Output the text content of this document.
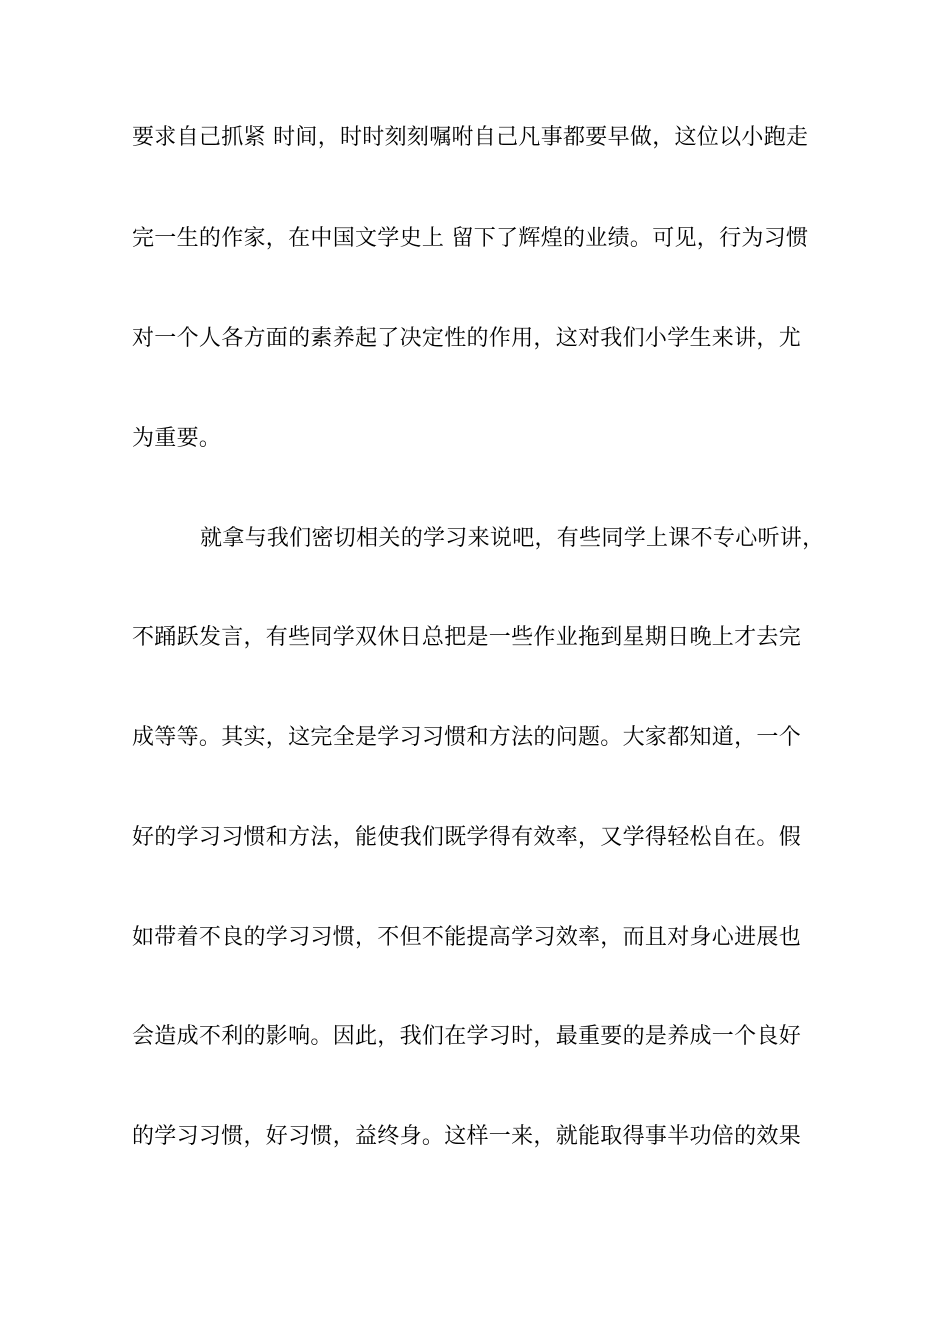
要求自己抓紧 时间，时时刻刻嘱咐自己凡事都要早做，这位以小跑走
完一生的作家，在中国文学史上 留下了辉煌的业绩。可见，行为习惯
对一个人各方面的素养起了决定性的作用，这对我们小学生来讲，尤
为重要。
就拿与我们密切相关的学习来说吧，有些同学上课不专心听讲，
不踊跃发言，有些同学双休日总把是一些作业拖到星期日晚上才去完
成等等。其实，这完全是学习习惯和方法的问题。大家都知道，一个
好的学习习惯和方法，能使我们既学得有效率，又学得轻松自在。假
如带着不良的学习习惯，不但不能提高学习效率，而且对身心进展也
会造成不利的影响。因此，我们在学习时，最重要的是养成一个良好
的学习习惯，好习惯，益终身。这样一来，就能取得事半功倍的效果
